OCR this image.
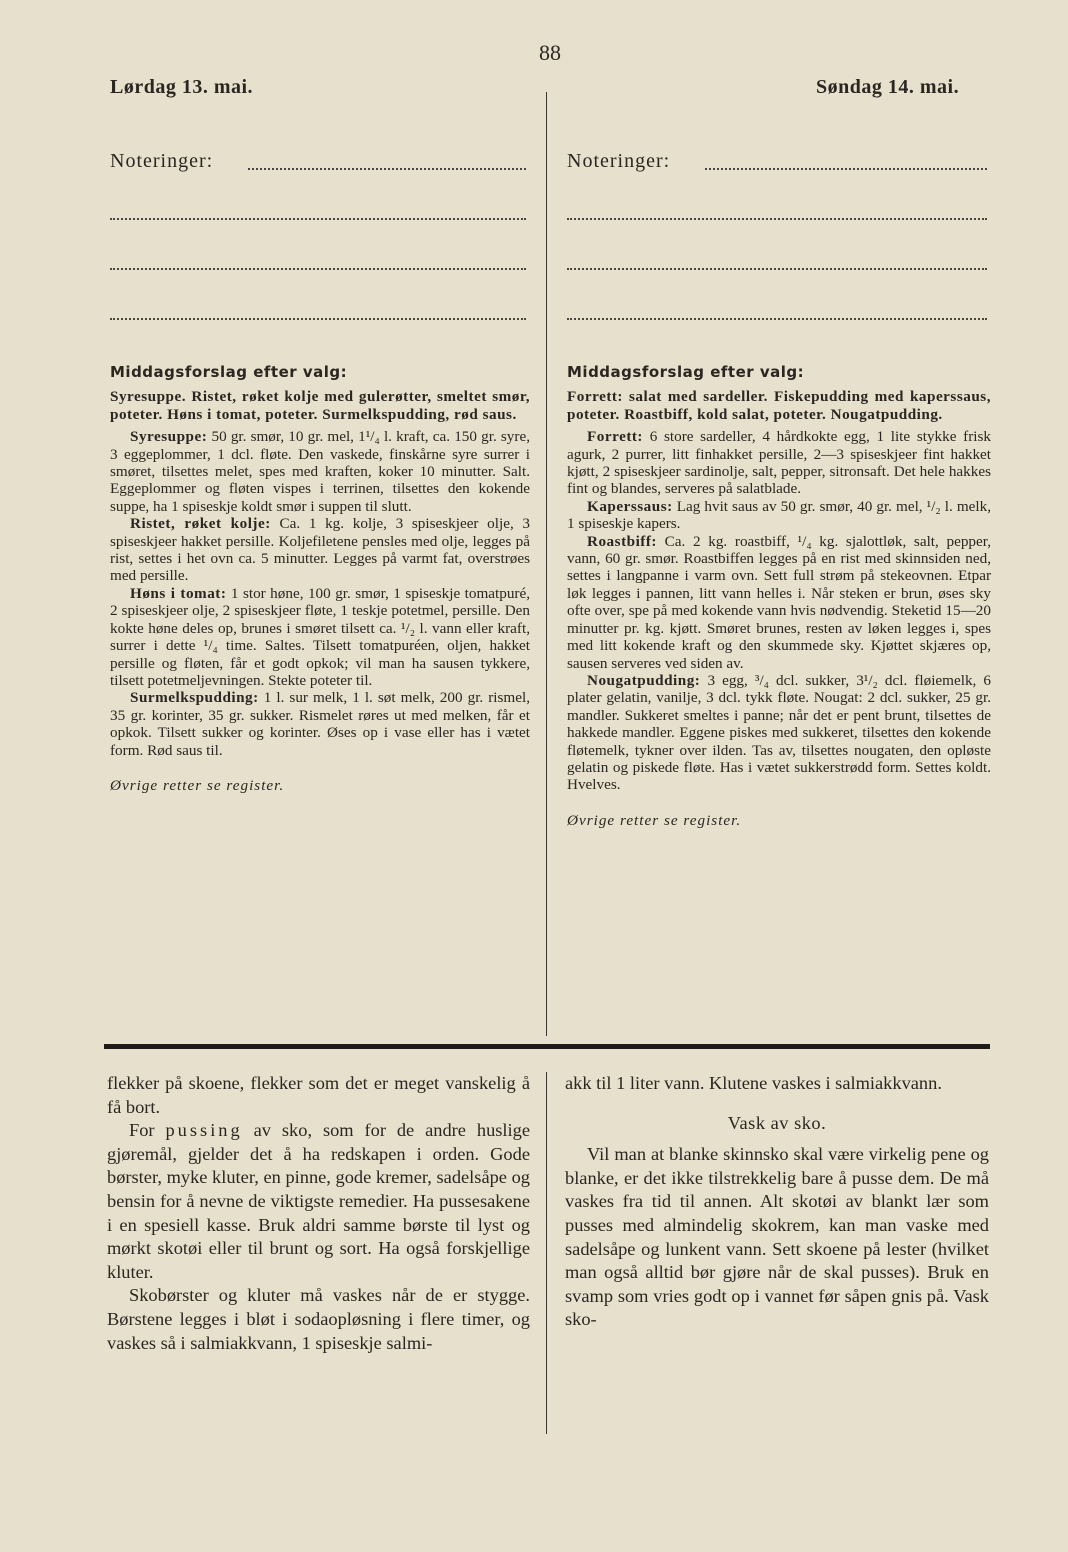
88
Lørdag 13. mai.	Søndag 14. mai.
Noteringer:	Noteringer:

Middagsforslag efter valg:

Syresuppe. Ristet, røket kolje med gulerøtter, smeltet smør, poteter. Høns i tomat, poteter. Surmelkspudding, rød saus.

Syresuppe: 50 gr. smør, 10 gr. mel, 1¹/₄ l. kraft, ca. 150 gr. syre, 3 eggeplommer, 1 dcl. fløte. Den vaskede, finskårne syre surrer i smøret, tilsettes melet, spes med kraften, koker 10 minutter. Salt. Eggeplommer og fløten vispes i terrinen, tilsettes den kokende suppe, ha 1 spiseskje koldt smør i suppen til slutt.

Ristet, røket kolje: Ca. 1 kg. kolje, 3 spiseskjeer olje, 3 spiseskjeer hakket persille. Koljefiletene pensles med olje, legges på rist, settes i het ovn ca. 5 minutter. Legges på varmt fat, overstrøes med persille.

Høns i tomat: 1 stor høne, 100 gr. smør, 1 spiseskje tomatpuré, 2 spiseskjeer olje, 2 spiseskjeer fløte, 1 teskje potetmel, persille. Den kokte høne deles op, brunes i smøret tilsett ca. ¹/₂ l. vann eller kraft, surrer i dette ¹/₄ time. Saltes. Tilsett tomatpuréen, oljen, hakket persille og fløten, får et godt opkok; vil man ha sausen tykkere, tilsett potetmeljevningen. Stekte poteter til.

Surmelkspudding: 1 l. sur melk, 1 l. søt melk, 200 gr. rismel, 35 gr. korinter, 35 gr. sukker. Rismelet røres ut med melken, får et opkok. Tilsett sukker og korinter. Øses op i vase eller has i vætet form. Rød saus til.

Øvrige retter se register.

Middagsforslag efter valg:

Forrett: salat med sardeller. Fiskepudding med kaperssaus, poteter. Roastbiff, kold salat, poteter. Nougatpudding.

Forrett: 6 store sardeller, 4 hårdkokte egg, 1 lite stykke frisk agurk, 2 purrer, litt finhakket persille, 2—3 spiseskjeer fint hakket kjøtt, 2 spiseskjeer sardinolje, salt, pepper, sitronsaft. Det hele hakkes fint og blandes, serveres på salatblade.

Kaperssaus: Lag hvit saus av 50 gr. smør, 40 gr. mel, ¹/₂ l. melk, 1 spiseskje kapers.

Roastbiff: Ca. 2 kg. roastbiff, ¹/₄ kg. sjalottløk, salt, pepper, vann, 60 gr. smør. Roastbiffen legges på en rist med skinnsiden ned, settes i langpanne i varm ovn. Sett full strøm på stekeovnen. Etpar løk legges i pannen, litt vann helles i. Når steken er brun, øses sky ofte over, spe på med kokende vann hvis nødvendig. Steketid 15—20 minutter pr. kg. kjøtt. Smøret brunes, resten av løken legges i, spes med litt kokende kraft og den skummede sky. Kjøttet skjæres op, sausen serveres ved siden av.

Nougatpudding: 3 egg, ³/₄ dcl. sukker, 3¹/₂ dcl. fløiemelk, 6 plater gelatin, vanilje, 3 dcl. tykk fløte. Nougat: 2 dcl. sukker, 25 gr. mandler. Sukkeret smeltes i panne; når det er pent brunt, tilsettes de hakkede mandler. Eggene piskes med sukkeret, tilsettes den kokende fløtemelk, tykner over ilden. Tas av, tilsettes nougaten, den opløste gelatin og piskede fløte. Has i vætet sukkerstrødd form. Settes koldt. Hvelves.

Øvrige retter se register.

flekker på skoene, flekker som det er meget vanskelig å få bort.

For pussing av sko, som for de andre huslige gjøremål, gjelder det å ha redskapen i orden. Gode børster, myke kluter, en pinne, gode kremer, sadelsåpe og bensin for å nevne de viktigste remedier. Ha pussesakene i en spesiell kasse. Bruk aldri samme børste til lyst og mørkt skotøi eller til brunt og sort. Ha også forskjellige kluter.

Skobørster og kluter må vaskes når de er stygge. Børstene legges i bløt i sodaopløsning i flere timer, og vaskes så i salmiakkvann, 1 spiseskje salmi-

akk til 1 liter vann. Klutene vaskes i salmiakkvann.

Vask av sko.

Vil man at blanke skinnsko skal være virkelig pene og blanke, er det ikke tilstrekkelig bare å pusse dem. De må vaskes fra tid til annen. Alt skotøi av blankt lær som pusses med almindelig skokrem, kan man vaske med sadelsåpe og lunkent vann. Sett skoene på lester (hvilket man også alltid bør gjøre når de skal pusses). Bruk en svamp som vries godt op i vannet før såpen gnis på. Vask sko-
